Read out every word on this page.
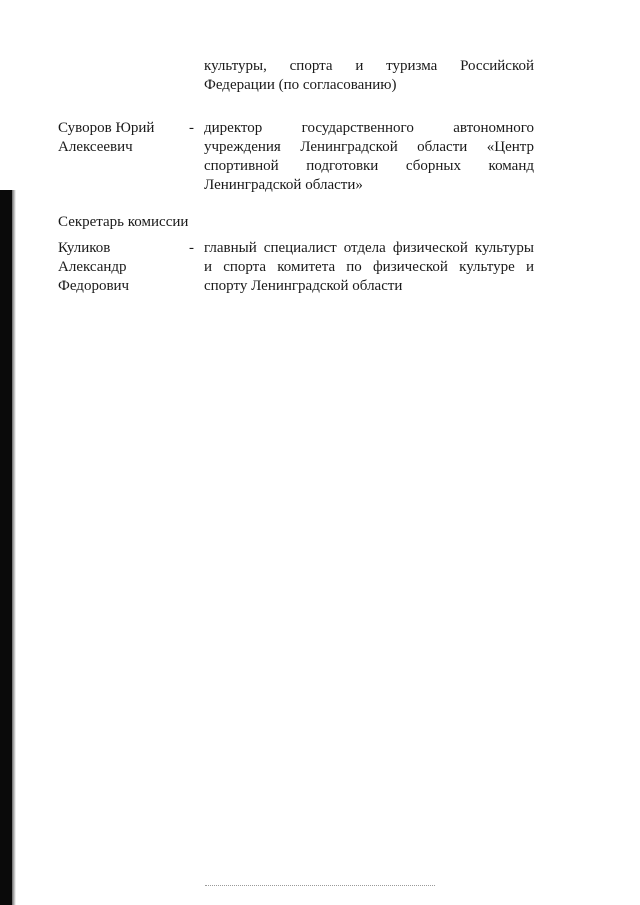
культуры, спорта и туризма Российской
Федерации (по согласованию)
Суворов Юрий
Алексеевич
- директор государственного автономного
учреждения Ленинградской области «Центр
спортивной подготовки сборных команд
Ленинградской области»
Секретарь комиссии
Куликов
Александр
Федорович
- главный специалист отдела физической культуры
и спорта комитета по физической культуре и
спорту Ленинградской области
